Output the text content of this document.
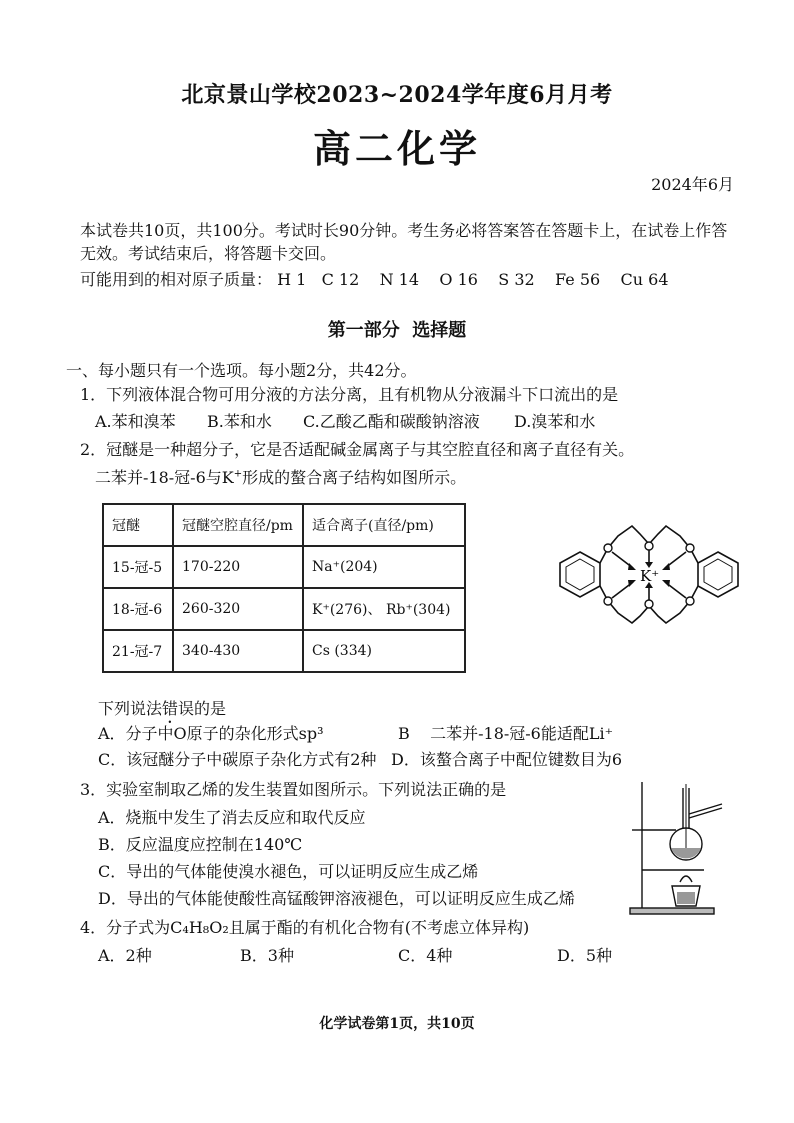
北京景山学校2023~2024学年度6月月考
高二化学
2024年6月
本试卷共10页，共100分。考试时长90分钟。考生务必将答案答在答题卡上，在试卷上作答
无效。考试结束后，将答题卡交回。
可能用到的相对原子质量： H 1   C 12    N 14    O 16    S 32    Fe 56    Cu 64
第一部分  选择题
一、每小题只有一个选项。每小题2分，共42分。
1．下列液体混合物可用分液的方法分离，且有机物从分液漏斗下口流出的是
A.苯和溴苯 B.苯和水 C.乙酸乙酯和碳酸钠溶液 D.溴苯和水
2．冠醚是一种超分子，它是否适配碱金属离子与其空腔直径和离子直径有关。
二苯并-18-冠-6与K+形成的螯合离子结构如图所示。
冠醚	冠醚空腔直径/pm	适合离子(直径/pm)
15-冠-5	170-220	Na⁺(204)
18-冠-6	260-320	K⁺(276)、 Rb⁺(304)
21-冠-7	340-430	Cs (334)
K⁺
下列说法错误的是
A．分子中O原子的杂化形式sp³	B    二苯并-18-冠-6能适配Li⁺
C．该冠醚分子中碳原子杂化方式有2种 D．该螯合离子中配位键数目为6
3．实验室制取乙烯的发生装置如图所示。下列说法正确的是
A．烧瓶中发生了消去反应和取代反应
B．反应温度应控制在140℃
C．导出的气体能使溴水褪色，可以证明反应生成乙烯
D．导出的气体能使酸性高锰酸钾溶液褪色，可以证明反应生成乙烯
4．分子式为C₄H₈O₂且属于酯的有机化合物有(不考虑立体异构)
A．2种	B．3种	C．4种	D．5种
化学试卷第1页，共10页
